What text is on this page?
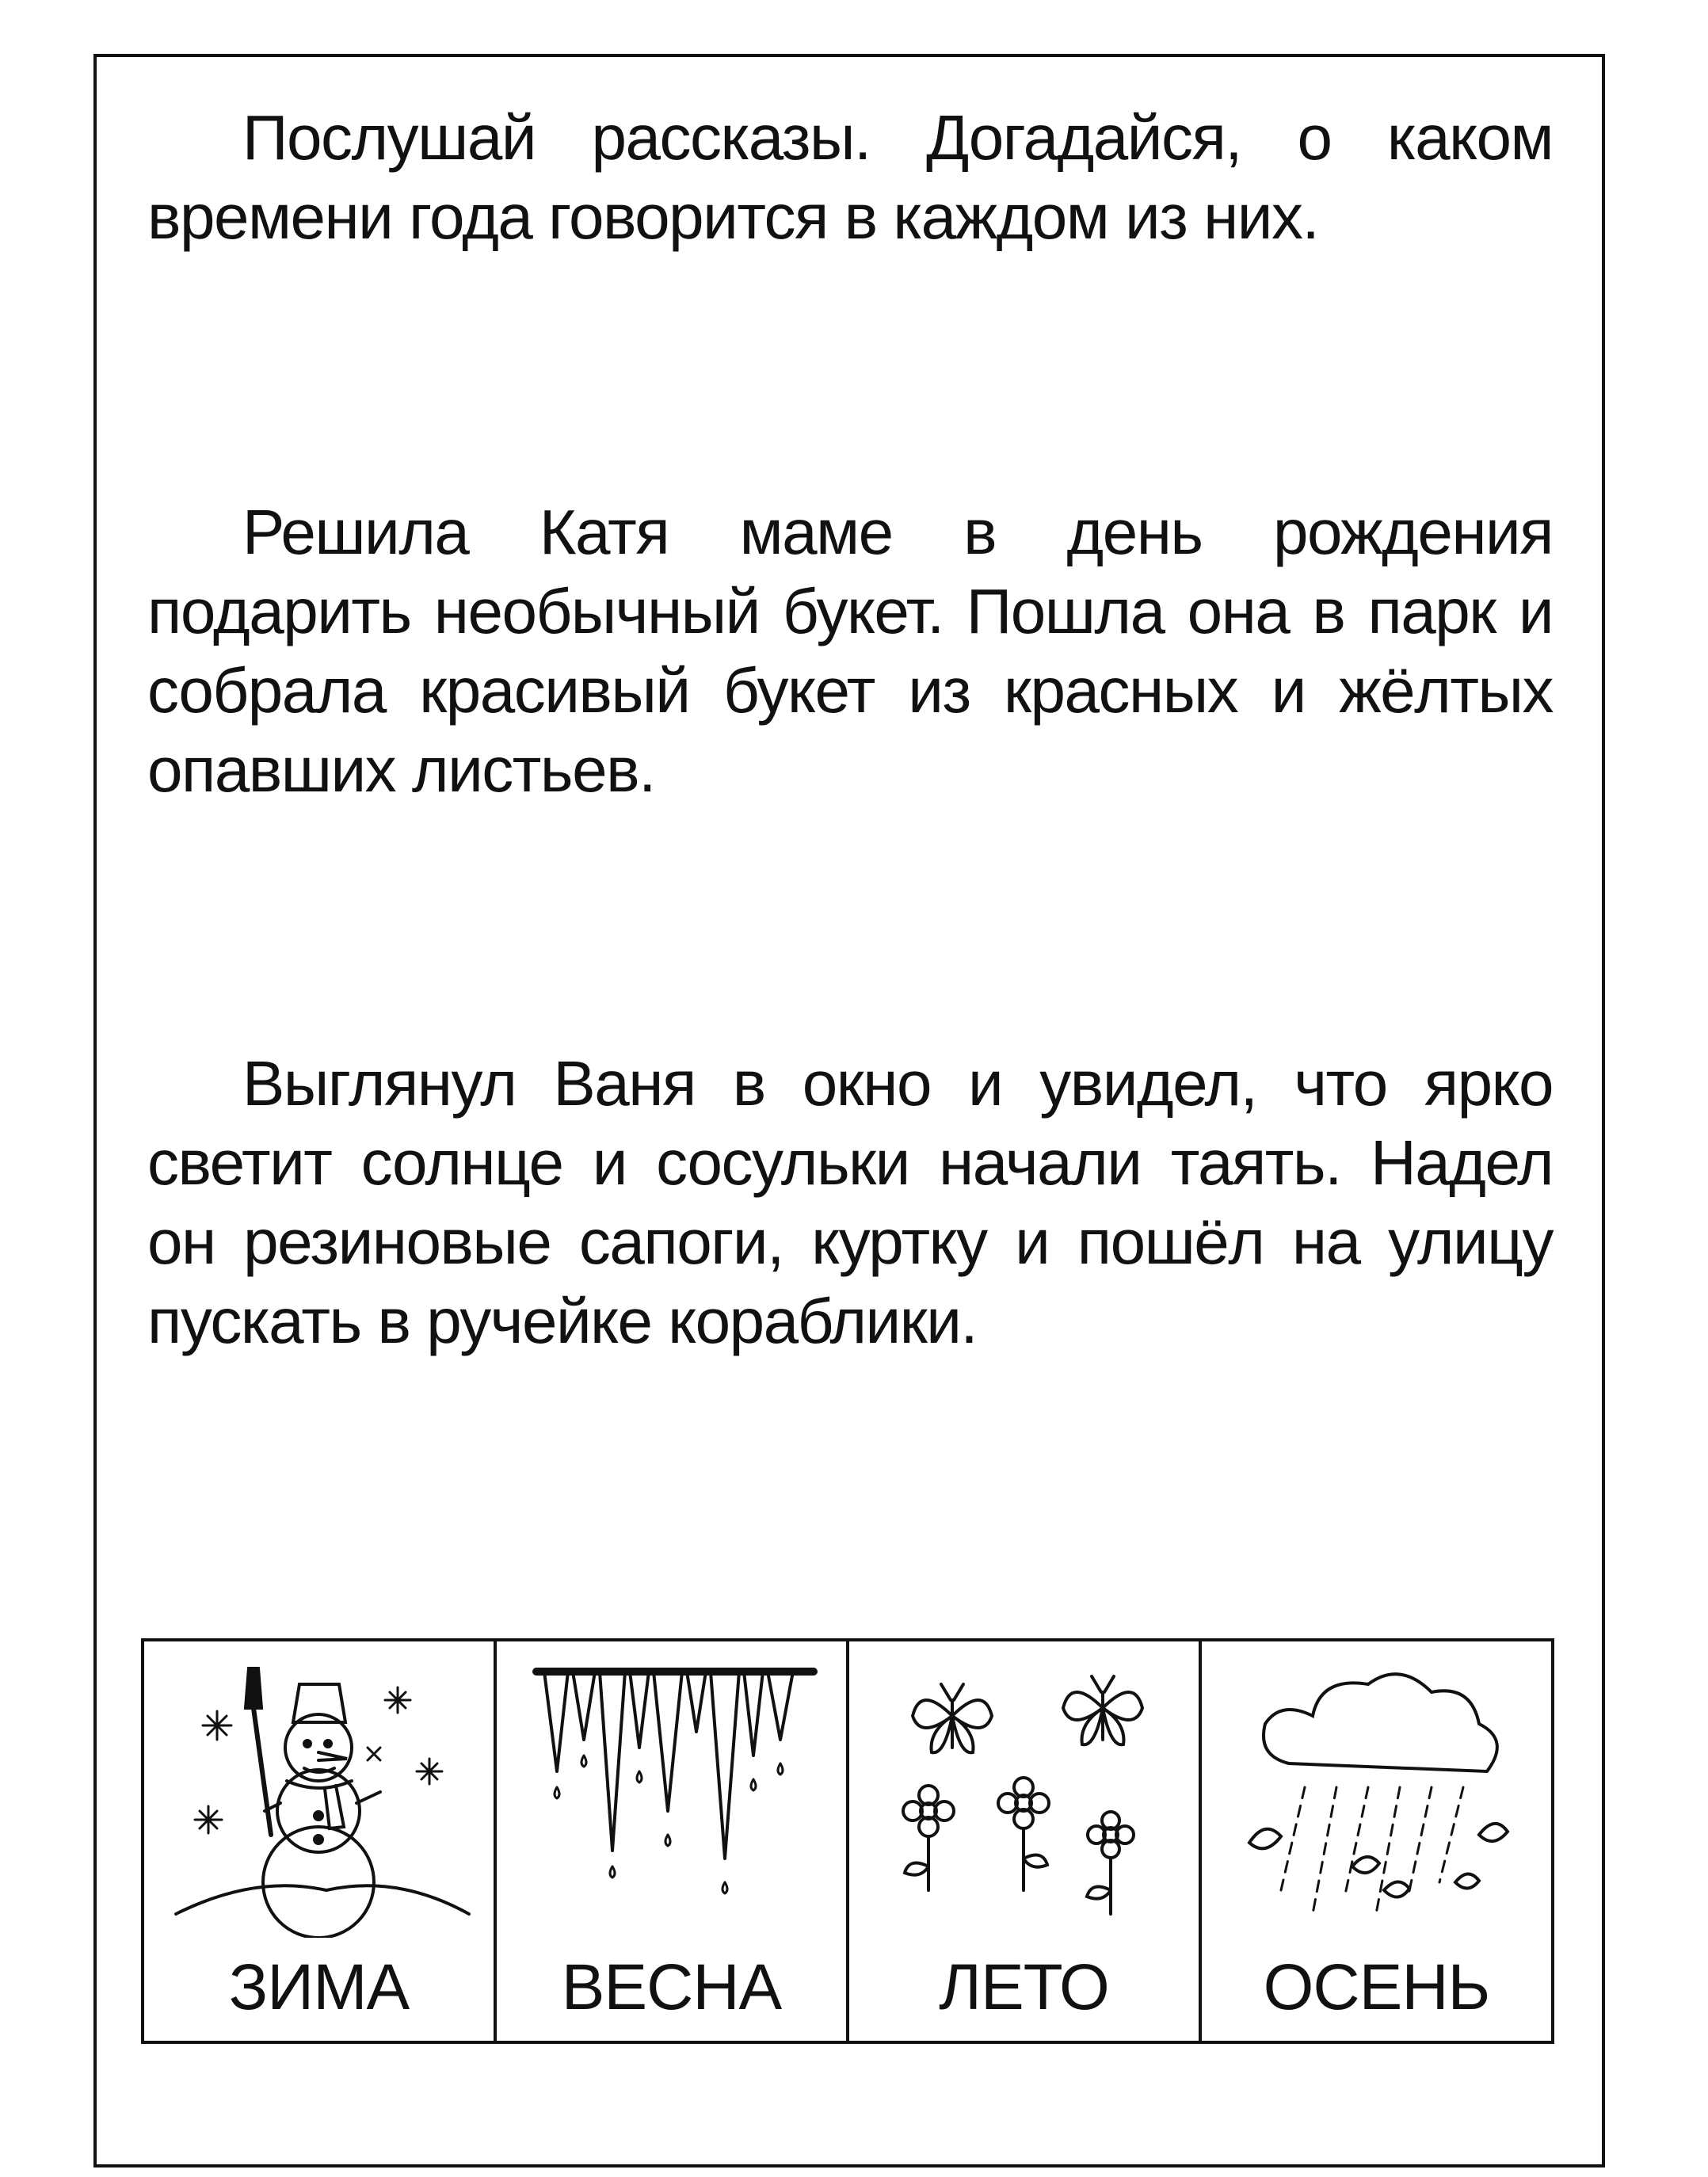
Послушай рассказы. Догадайся, о каком времени года говорится в каждом из них.

Решила Катя маме в день рождения подарить необычный букет. Пошла она в парк и собрала красивый букет из красных и жёлтых опавших листьев.

Выглянул Ваня в окно и увидел, что ярко светит солнце и сосульки начали таять. Надел он резиновые сапоги, куртку и пошёл на улицу пускать в ручейке кораблики.

ЗИМА	ВЕСНА	ЛЕТО	ОСЕНЬ
